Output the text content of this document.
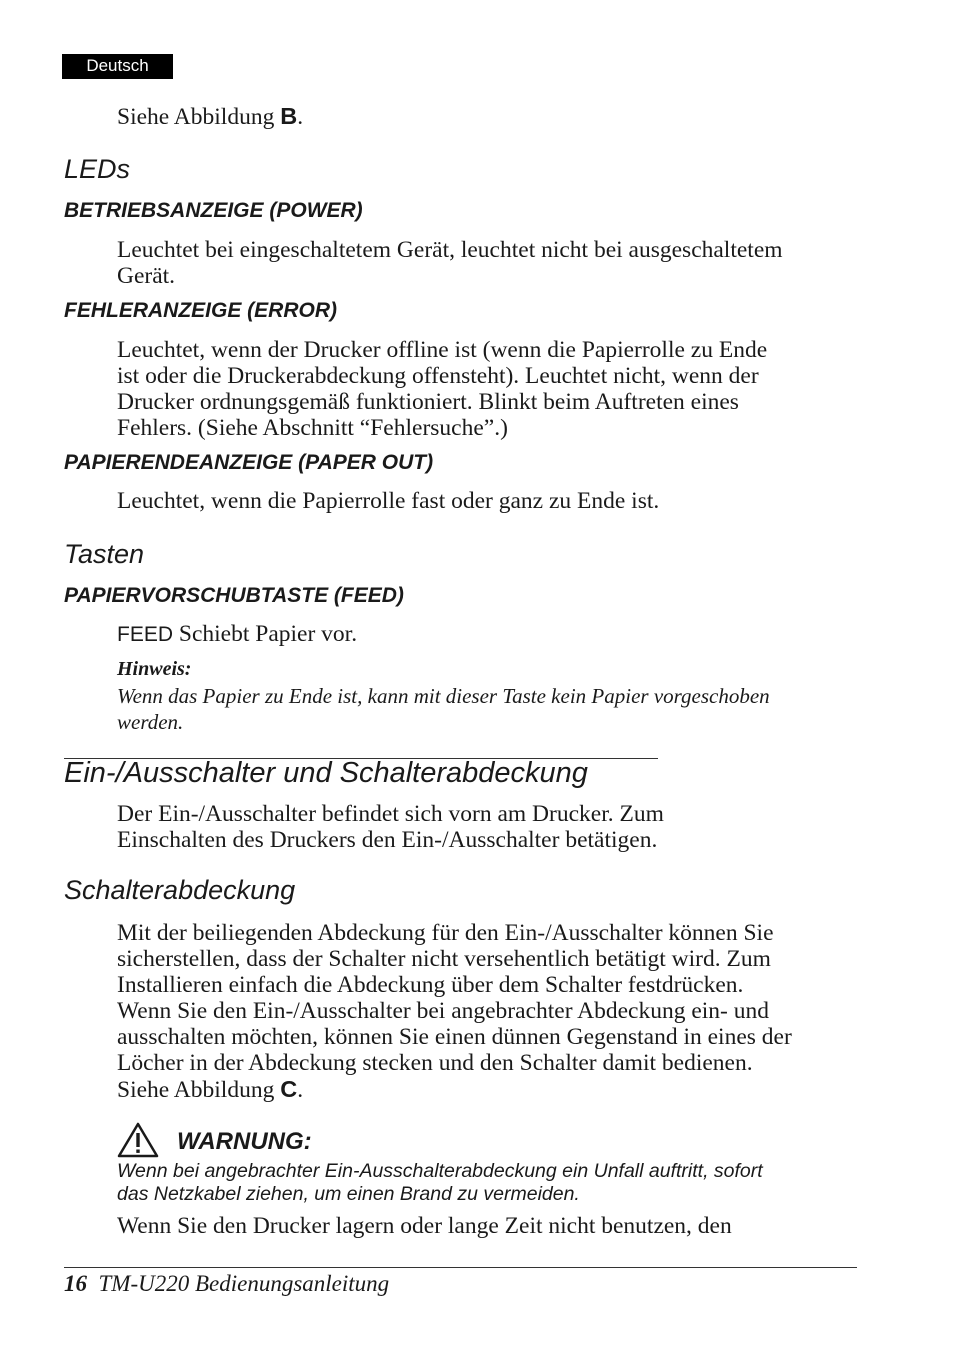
Deutsch
Siehe Abbildung B.
LEDs
BETRIEBSANZEIGE (POWER)
Leuchtet bei eingeschaltetem Gerät, leuchtet nicht bei ausgeschaltetem
Gerät.
FEHLERANZEIGE (ERROR)
Leuchtet, wenn der Drucker offline ist (wenn die Papierrolle zu Ende
ist oder die Druckerabdeckung offensteht). Leuchtet nicht, wenn der
Drucker ordnungsgemäß funktioniert. Blinkt beim Auftreten eines
Fehlers. (Siehe Abschnitt “Fehlersuche”.)
PAPIERENDEANZEIGE (PAPER OUT)
Leuchtet, wenn die Papierrolle fast oder ganz zu Ende ist.
Tasten
PAPIERVORSCHUBTASTE (FEED)
FEED Schiebt Papier vor.
Hinweis:
Wenn das Papier zu Ende ist, kann mit dieser Taste kein Papier vorgeschoben
werden.
Ein-/Ausschalter und Schalterabdeckung
Der Ein-/Ausschalter befindet sich vorn am Drucker. Zum
Einschalten des Druckers den Ein-/Ausschalter betätigen.
Schalterabdeckung
Mit der beiliegenden Abdeckung für den Ein-/Ausschalter können Sie
sicherstellen, dass der Schalter nicht versehentlich betätigt wird. Zum
Installieren einfach die Abdeckung über dem Schalter festdrücken.
Wenn Sie den Ein-/Ausschalter bei angebrachter Abdeckung ein- und
ausschalten möchten, können Sie einen dünnen Gegenstand in eines der
Löcher in der Abdeckung stecken und den Schalter damit bedienen.
Siehe Abbildung C.
WARNUNG:
Wenn bei angebrachter Ein-Ausschalterabdeckung ein Unfall auftritt, sofort
das Netzkabel ziehen, um einen Brand zu vermeiden.
Wenn Sie den Drucker lagern oder lange Zeit nicht benutzen, den
16 TM-U220 Bedienungsanleitung
